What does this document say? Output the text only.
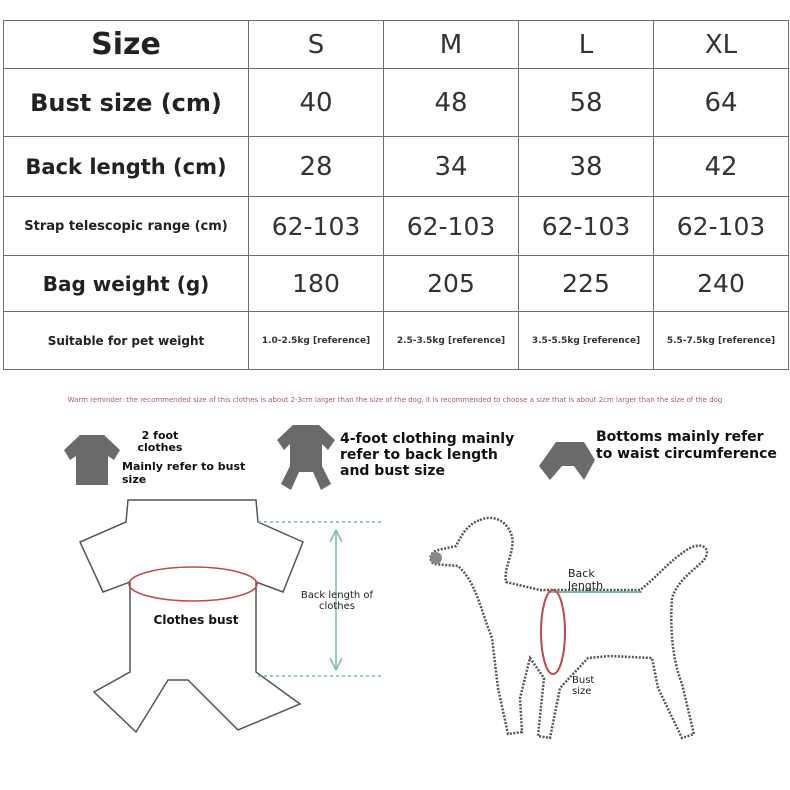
Size	S	M	L	XL
Bust size (cm)	40	48	58	64
Back length (cm)	28	34	38	42
Strap telescopic range (cm)	62-103	62-103	62-103	62-103
Bag weight (g)	180	205	225	240
Suitable for pet weight	1.0-2.5kg [reference]	2.5-3.5kg [reference]	3.5-5.5kg [reference]	5.5-7.5kg [reference]
Warm reminder: the recommended size of this clothes is about 2-3cm larger than the size of the dog. it is recommended to choose a size that is about 2cm larger than the size of the dog
2 foot clothes
Mainly refer to bust size
4-foot clothing mainly refer to back length and bust size
Bottoms mainly refer to waist circumference
Clothes bust
Back length of clothes
Back length
Bust size
